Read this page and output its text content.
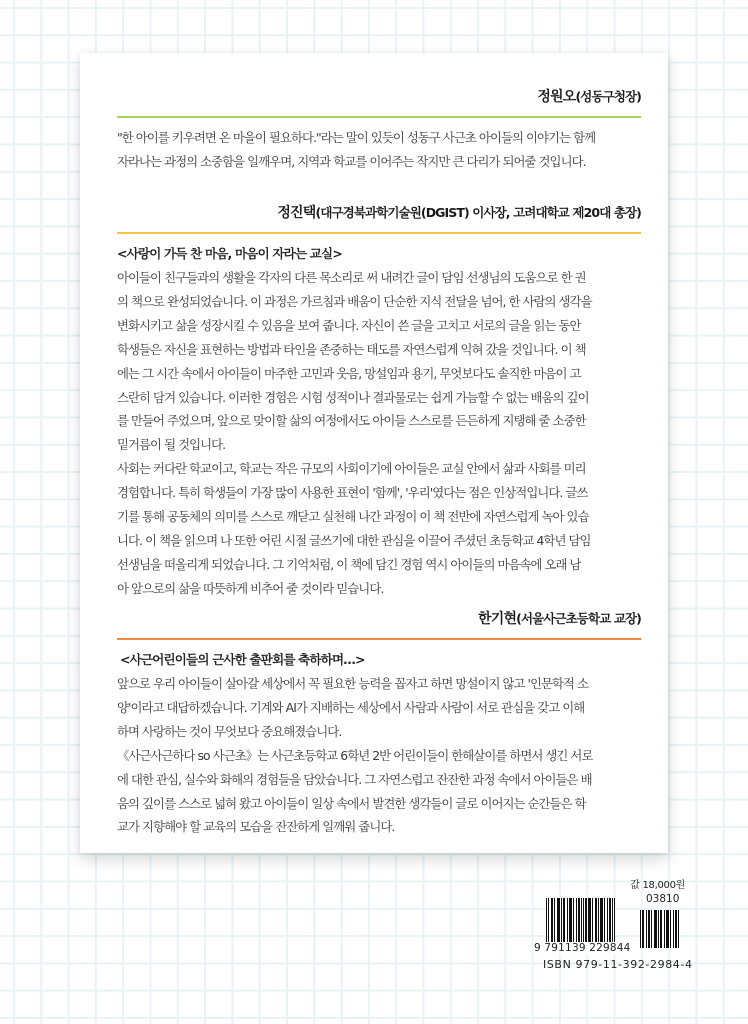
정원오(성동구청장)

"한 아이를 키우려면 온 마을이 필요하다."라는 말이 있듯이 성동구 사근초 아이들의 이야기는 함께
자라나는 과정의 소중함을 일깨우며, 지역과 학교를 이어주는 작지만 큰 다리가 되어줄 것입니다.

정진택(대구경북과학기술원(DGIST) 이사장, 고려대학교 제20대 총장)
<사랑이 가득 찬 마음, 마음이 자라는 교실>

아이들이 친구들과의 생활을 각자의 다른 목소리로 써 내려간 글이 담임 선생님의 도움으로 한 권
의 책으로 완성되었습니다. 이 과정은 가르침과 배움이 단순한 지식 전달을 넘어, 한 사람의 생각을
변화시키고 삶을 성장시킬 수 있음을 보여 줍니다. 자신이 쓴 글을 고치고 서로의 글을 읽는 동안
학생들은 자신을 표현하는 방법과 타인을 존중하는 태도를 자연스럽게 익혀 갔을 것입니다. 이 책
에는 그 시간 속에서 아이들이 마주한 고민과 웃음, 망설임과 용기, 무엇보다도 솔직한 마음이 고
스란히 담겨 있습니다. 이러한 경험은 시험 성적이나 결과물로는 쉽게 가늠할 수 없는 배움의 깊이
를 만들어 주었으며, 앞으로 맞이할 삶의 여정에서도 아이들 스스로를 든든하게 지탱해 줄 소중한
밑거름이 될 것입니다.
사회는 커다란 학교이고, 학교는 작은 규모의 사회이기에 아이들은 교실 안에서 삶과 사회를 미리
경험합니다. 특히 학생들이 가장 많이 사용한 표현이 '함께', '우리'였다는 점은 인상적입니다. 글쓰
기를 통해 공동체의 의미를 스스로 깨닫고 실천해 나간 과정이 이 책 전반에 자연스럽게 녹아 있습
니다. 이 책을 읽으며 나 또한 어린 시절 글쓰기에 대한 관심을 이끌어 주셨던 초등학교 4학년 담임
선생님을 떠올리게 되었습니다. 그 기억처럼, 이 책에 담긴 경험 역시 아이들의 마음속에 오래 남
아 앞으로의 삶을 따뜻하게 비추어 줄 것이라 믿습니다.

한기현(서울사근초등학교 교장)
<사근어린이들의 근사한 출판회를 축하하며…>

앞으로 우리 아이들이 살아갈 세상에서 꼭 필요한 능력을 꼽자고 하면 망설이지 않고 '인문학적 소
양'이라고 대답하겠습니다. 기계와 AI가 지배하는 세상에서 사람과 사람이 서로 관심을 갖고 이해
하며 사랑하는 것이 무엇보다 중요해졌습니다.
《사근사근하다 so 사근초》는 사근초등학교 6학년 2반 어린이들이 한해살이를 하면서 생긴 서로
에 대한 관심, 실수와 화해의 경험들을 담았습니다. 그 자연스럽고 잔잔한 과정 속에서 아이들은 배
움의 깊이를 스스로 넓혀 왔고 아이들이 일상 속에서 발견한 생각들이 글로 이어지는 순간들은 학
교가 지향해야 할 교육의 모습을 잔잔하게 일깨워 줍니다.

값 18,000원
03810
9 791139 229844
ISBN 979-11-392-2984-4
